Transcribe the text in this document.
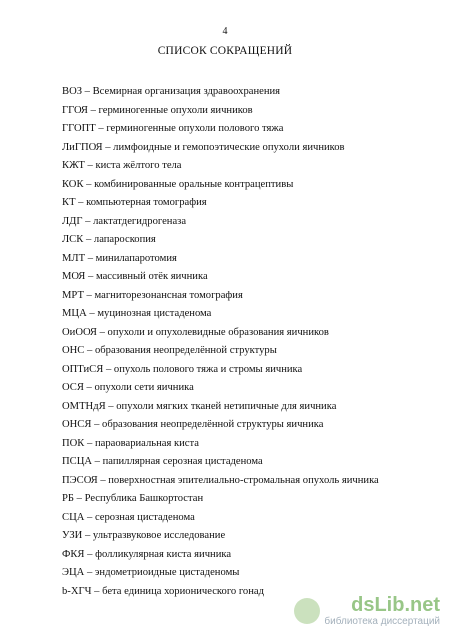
4
СПИСОК СОКРАЩЕНИЙ
ВОЗ – Всемирная организация здравоохранения
ГГОЯ – герминогенные опухоли яичников
ГГОПТ – герминогенные опухоли полового тяжа
ЛиГПОЯ – лимфоидные и гемопоэтические опухоли яичников
КЖТ – киста жёлтого тела
КОК – комбинированные оральные контрацептивы
КТ – компьютерная томография
ЛДГ – лактатдегидрогеназа
ЛСК – лапароскопия
МЛТ – минилапаротомия
МОЯ – массивный отёк яичника
МРТ – магниторезонансная томография
МЦА – муцинозная цистаденома
ОиООЯ – опухоли и опухолевидные образования яичников
ОНС – образования неопределённой структуры
ОПТиСЯ – опухоль полового тяжа и стромы яичника
ОСЯ – опухоли сети яичника
ОМТНдЯ – опухоли мягких тканей нетипичные для яичника
ОНСЯ – образования неопределённой структуры яичника
ПОК – параовариальная киста
ПСЦА – папиллярная серозная цистаденома
ПЭСОЯ – поверхностная эпителиально-стромальная опухоль яичника
РБ – Республика Башкортостан
СЦА – серозная цистаденома
УЗИ – ультразвуковое исследование
ФКЯ – фолликулярная киста яичника
ЭЦА – эндометриоидные цистаденомы
b-ХГЧ – бета единица хорионического гонад
dsLib.net
библиотека диссертаций
